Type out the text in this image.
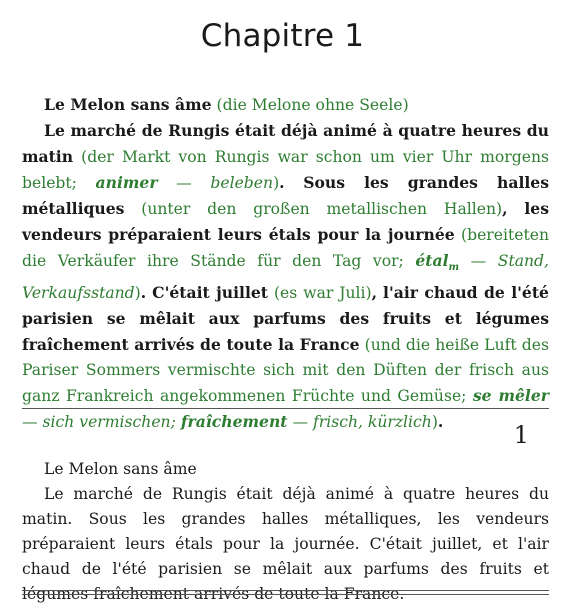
Chapitre 1

Le Melon sans âme (die Melone ohne Seele)

Le marché de Rungis était déjà animé à quatre heures du matin (der Markt von Rungis war schon um vier Uhr morgens belebt; animer — beleben). Sous les grandes halles métalliques (unter den großen metallischen Hallen), les vendeurs préparaient leurs étals pour la journée (bereiteten die Verkäufer ihre Stände für den Tag vor; étal$_m$ — Stand, Verkaufsstand). C'était juillet (es war Juli), l'air chaud de l'été parisien se mêlait aux parfums des fruits et légumes fraîchement arrivés de toute la France (und die heiße Luft des Pariser Sommers vermischte sich mit den Düften der frisch aus ganz Frankreich angekommenen Früchte und Gemüse; se mêler — sich vermischen; fraîchement — frisch, kürzlich).	1

Le Melon sans âme

Le marché de Rungis était déjà animé à quatre heures du matin. Sous les grandes halles métalliques, les vendeurs préparaient leurs étals pour la journée. C'était juillet, et l'air chaud de l'été parisien se mêlait aux parfums des fruits et légumes fraîchement arrivés de toute la France.
